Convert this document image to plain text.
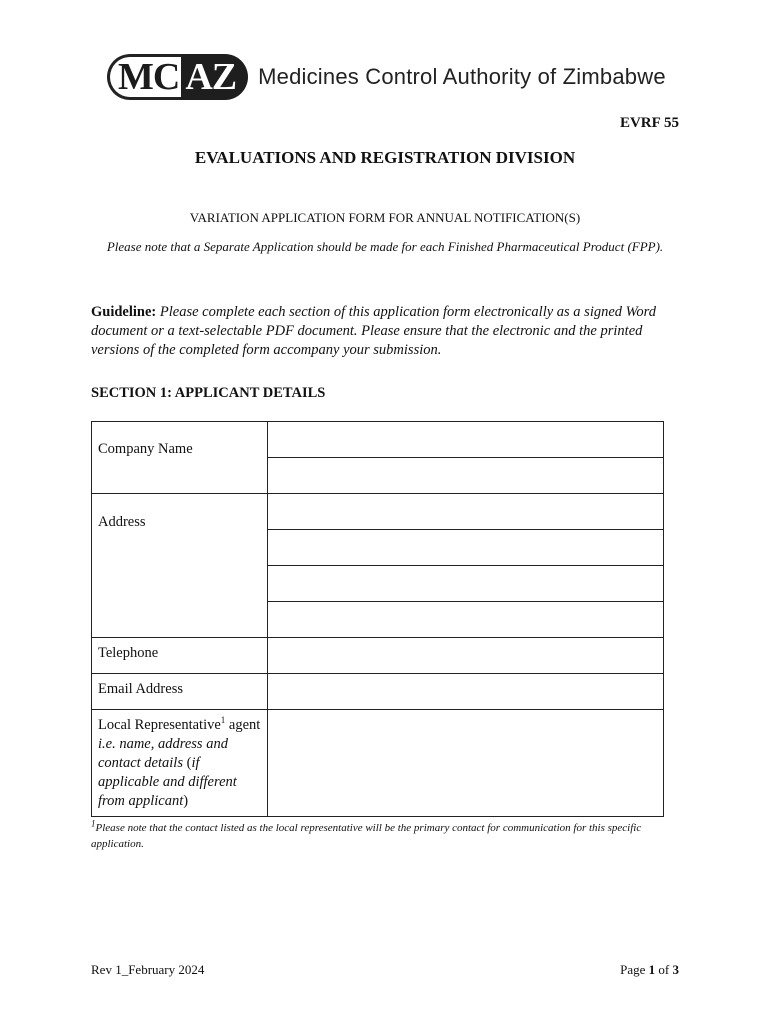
MC AZ	Medicines Control Authority of Zimbabwe
EVRF 55
EVALUATIONS AND REGISTRATION DIVISION
VARIATION APPLICATION FORM FOR ANNUAL NOTIFICATION(S)
Please note that a Separate Application should be made for each Finished Pharmaceutical Product (FPP).
Guideline: Please complete each section of this application form electronically as a signed Word document or a text-selectable PDF document. Please ensure that the electronic and the printed versions of the completed form accompany your submission.
SECTION 1: APPLICANT DETAILS
Company Name	

Address	

Telephone	
Email Address	
Local Representative$^1$ agent i.e. name, address and contact details (if applicable and different from applicant)	
$^1$Please note that the contact listed as the local representative will be the primary contact for communication for this specific application.
Rev 1_February 2024	Page 1 of 3
